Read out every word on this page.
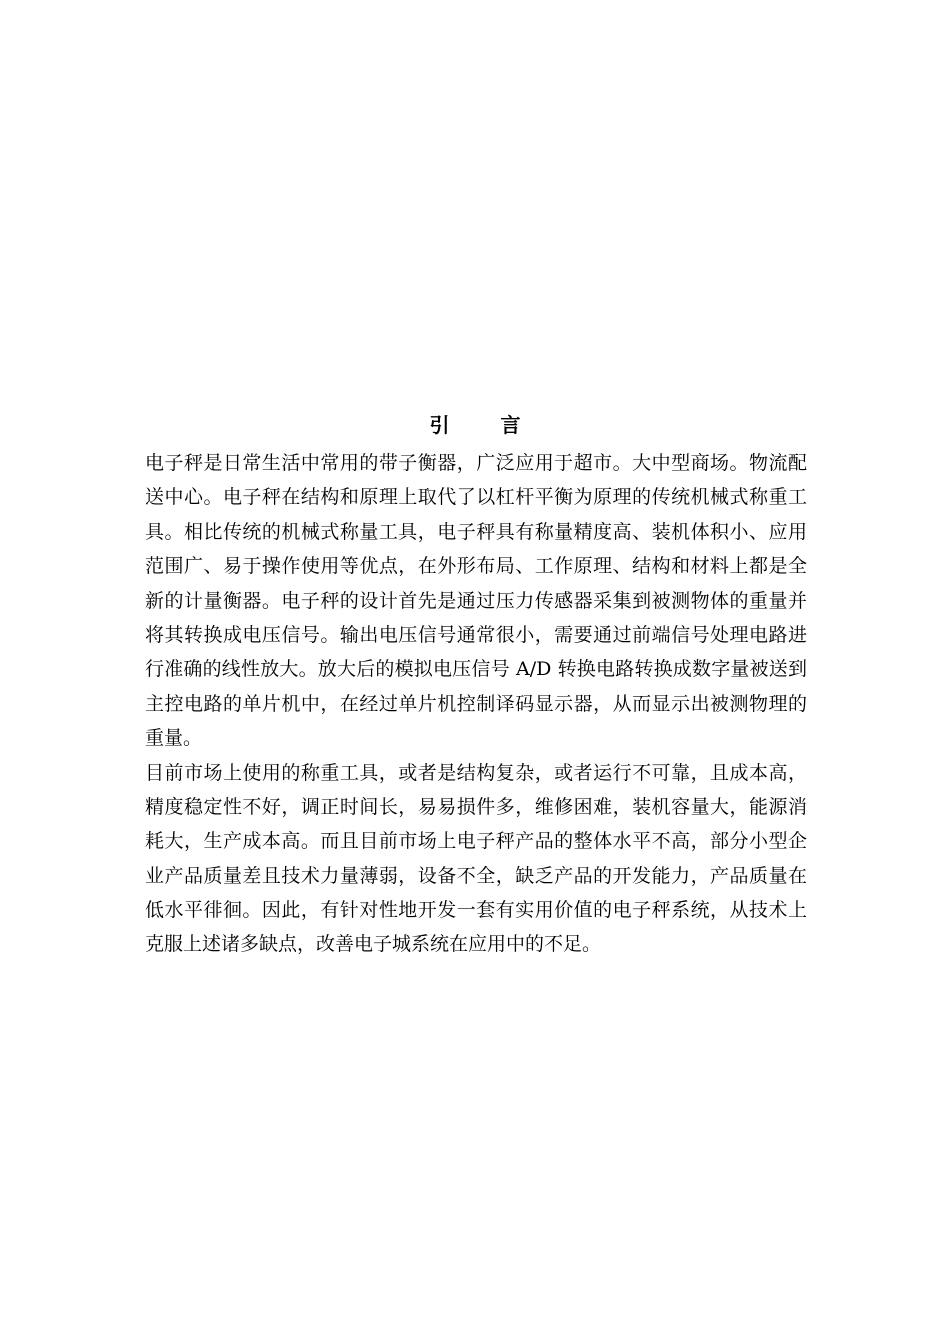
引 言
电子秤是日常生活中常用的带子衡器，广泛应用于超市。大中型商场。物流配
送中心。电子秤在结构和原理上取代了以杠杆平衡为原理的传统机械式称重工
具。相比传统的机械式称量工具，电子秤具有称量精度高、装机体积小、应用
范围广、易于操作使用等优点，在外形布局、工作原理、结构和材料上都是全
新的计量衡器。电子秤的设计首先是通过压力传感器采集到被测物体的重量并
将其转换成电压信号。输出电压信号通常很小，需要通过前端信号处理电路进
行准确的线性放大。放大后的模拟电压信号 A/D 转换电路转换成数字量被送到
主控电路的单片机中，在经过单片机控制译码显示器，从而显示出被测物理的
重量。
目前市场上使用的称重工具，或者是结构复杂，或者运行不可靠，且成本高，
精度稳定性不好，调正时间长，易易损件多，维修困难，装机容量大，能源消
耗大，生产成本高。而且目前市场上电子秤产品的整体水平不高，部分小型企
业产品质量差且技术力量薄弱，设备不全，缺乏产品的开发能力，产品质量在
低水平徘徊。因此，有针对性地开发一套有实用价值的电子秤系统，从技术上
克服上述诸多缺点，改善电子城系统在应用中的不足。
